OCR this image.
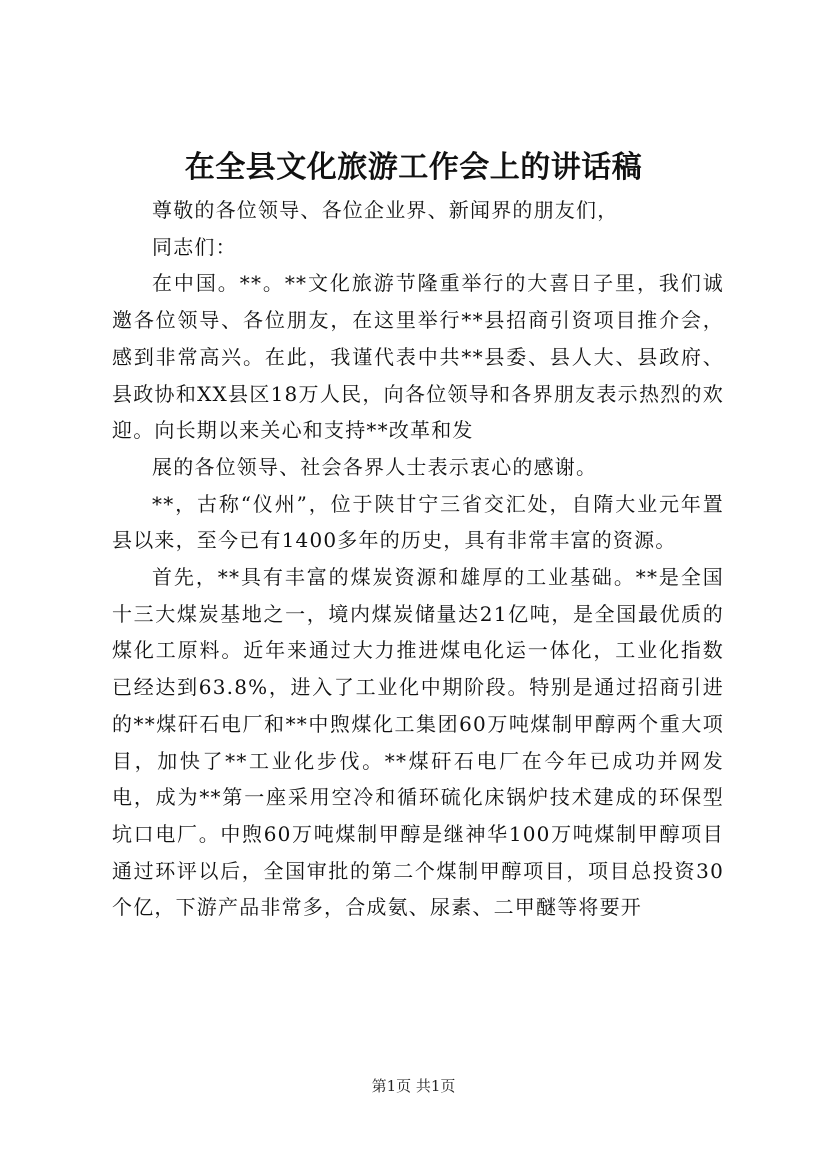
在全县文化旅游工作会上的讲话稿

尊敬的各位领导、各位企业界、新闻界的朋友们，

同志们：

在中国。**。**文化旅游节隆重举行的大喜日子里，我们诚邀各位领导、各位朋友，在这里举行**县招商引资项目推介会，感到非常高兴。在此，我谨代表中共**县委、县人大、县政府、县政协和XX县区18万人民，向各位领导和各界朋友表示热烈的欢迎。向长期以来关心和支持**改革和发

展的各位领导、社会各界人士表示衷心的感谢。

**，古称“仪州”，位于陕甘宁三省交汇处，自隋大业元年置县以来，至今已有1400多年的历史，具有非常丰富的资源。

首先，**具有丰富的煤炭资源和雄厚的工业基础。**是全国十三大煤炭基地之一，境内煤炭储量达21亿吨，是全国最优质的煤化工原料。近年来通过大力推进煤电化运一体化，工业化指数已经达到63.8%，进入了工业化中期阶段。特别是通过招商引进的**煤矸石电厂和**中煦煤化工集团60万吨煤制甲醇两个重大项目，加快了**工业化步伐。**煤矸石电厂在今年已成功并网发电，成为**第一座采用空冷和循环硫化床锅炉技术建成的环保型坑口电厂。中煦60万吨煤制甲醇是继神华100万吨煤制甲醇项目通过环评以后，全国审批的第二个煤制甲醇项目，项目总投资30个亿，下游产品非常多，合成氨、尿素、二甲醚等将要开

第1页 共1页
